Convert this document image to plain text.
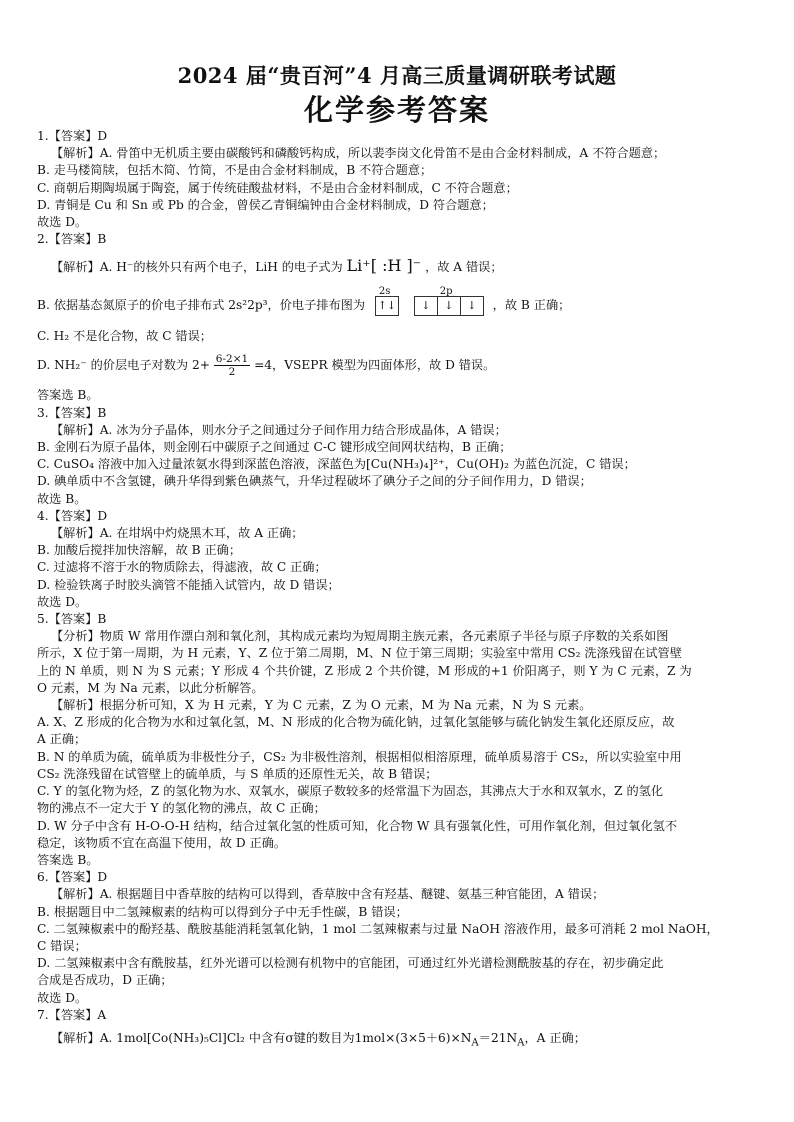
2024 届“贵百河”4 月高三质量调研联考试题
化学参考答案
1.【答案】D
【解析】A. 骨笛中无机质主要由碳酸钙和磷酸钙构成，所以裴李岗文化骨笛不是由合金材料制成，A 不符合题意；
B. 走马楼简牍，包括木简、竹简，不是由合金材料制成，B 不符合题意；
C. 商朝后期陶埙属于陶瓷，属于传统硅酸盐材料，不是由合金材料制成，C 不符合题意；
D. 青铜是 Cu 和 Sn 或 Pb 的合金，曾侯乙青铜编钟由合金材料制成，D 符合题意；
故选 D。
2.【答案】B
【解析】A. H⁻的核外只有两个电子，LiH 的电子式为 Li⁺[ :H ]⁻ ，故 A 错误；
B. 依据基态氮原子的价电子排布式 2s²2p³，价电子排布图为
2s
↑↓
2p
↓ ↓ ↓ ，故 B 正确；
C. H₂ 不是化合物，故 C 错误；
D. NH₂⁻ 的价层电子对数为 $2+ \frac{6-2\times 1}{2} =4$，VSEPR 模型为四面体形，故 D 错误。
答案选 B。
3.【答案】B
【解析】A. 冰为分子晶体，则水分子之间通过分子间作用力结合形成晶体，A 错误；
B. 金刚石为原子晶体，则金刚石中碳原子之间通过 C-C 键形成空间网状结构，B 正确；
C. CuSO₄ 溶液中加入过量浓氨水得到深蓝色溶液，深蓝色为[Cu(NH₃)₄]²⁺，Cu(OH)₂ 为蓝色沉淀，C 错误；
D. 碘单质中不含氢键，碘升华得到紫色碘蒸气，升华过程破坏了碘分子之间的分子间作用力，D 错误；
故选 B。
4.【答案】D
【解析】A. 在坩埚中灼烧黑木耳，故 A 正确；
B. 加酸后搅拌加快溶解，故 B 正确；
C. 过滤将不溶于水的物质除去，得滤液，故 C 正确；
D. 检验铁离子时胶头滴管不能插入试管内，故 D 错误；
故选 D。
5.【答案】B
【分析】物质 W 常用作漂白剂和氧化剂，其构成元素均为短周期主族元素，各元素原子半径与原子序数的关系如图
所示，X 位于第一周期，为 H 元素，Y、Z 位于第二周期，M、N 位于第三周期；实验室中常用 CS₂ 洗涤残留在试管壁
上的 N 单质，则 N 为 S 元素；Y 形成 4 个共价键，Z 形成 2 个共价键，M 形成的+1 价阳离子，则 Y 为 C 元素，Z 为
O 元素，M 为 Na 元素，以此分析解答。
【解析】根据分析可知，X 为 H 元素，Y 为 C 元素，Z 为 O 元素，M 为 Na 元素，N 为 S 元素。
A. X、Z 形成的化合物为水和过氧化氢，M、N 形成的化合物为硫化钠，过氧化氢能够与硫化钠发生氧化还原反应，故
A 正确；
B. N 的单质为硫，硫单质为非极性分子，CS₂ 为非极性溶剂，根据相似相溶原理，硫单质易溶于 CS₂，所以实验室中用
CS₂ 洗涤残留在试管壁上的硫单质，与 S 单质的还原性无关，故 B 错误；
C. Y 的氢化物为烃，Z 的氢化物为水、双氧水，碳原子数较多的烃常温下为固态，其沸点大于水和双氧水，Z 的氢化
物的沸点不一定大于 Y 的氢化物的沸点，故 C 正确；
D. W 分子中含有 H-O-O-H 结构，结合过氧化氢的性质可知，化合物 W 具有强氧化性，可用作氧化剂，但过氧化氢不
稳定，该物质不宜在高温下使用，故 D 正确。
答案选 B。
6.【答案】D
【解析】A. 根据题目中香草胺的结构可以得到，香草胺中含有羟基、醚键、氨基三种官能团，A 错误；
B. 根据题目中二氢辣椒素的结构可以得到分子中无手性碳，B 错误；
C. 二氢辣椒素中的酚羟基、酰胺基能消耗氢氧化钠，1 mol 二氢辣椒素与过量 NaOH 溶液作用，最多可消耗 2 mol NaOH，
C 错误；
D. 二氢辣椒素中含有酰胺基，红外光谱可以检测有机物中的官能团，可通过红外光谱检测酰胺基的存在，初步确定此
合成是否成功，D 正确；
故选 D。
7.【答案】A
【解析】A. 1mol[Co(NH₃)₅Cl]Cl₂ 中含有σ键的数目为$1mol\times(3\times 5+6)\times N_A=21N_A$，A 正确；
